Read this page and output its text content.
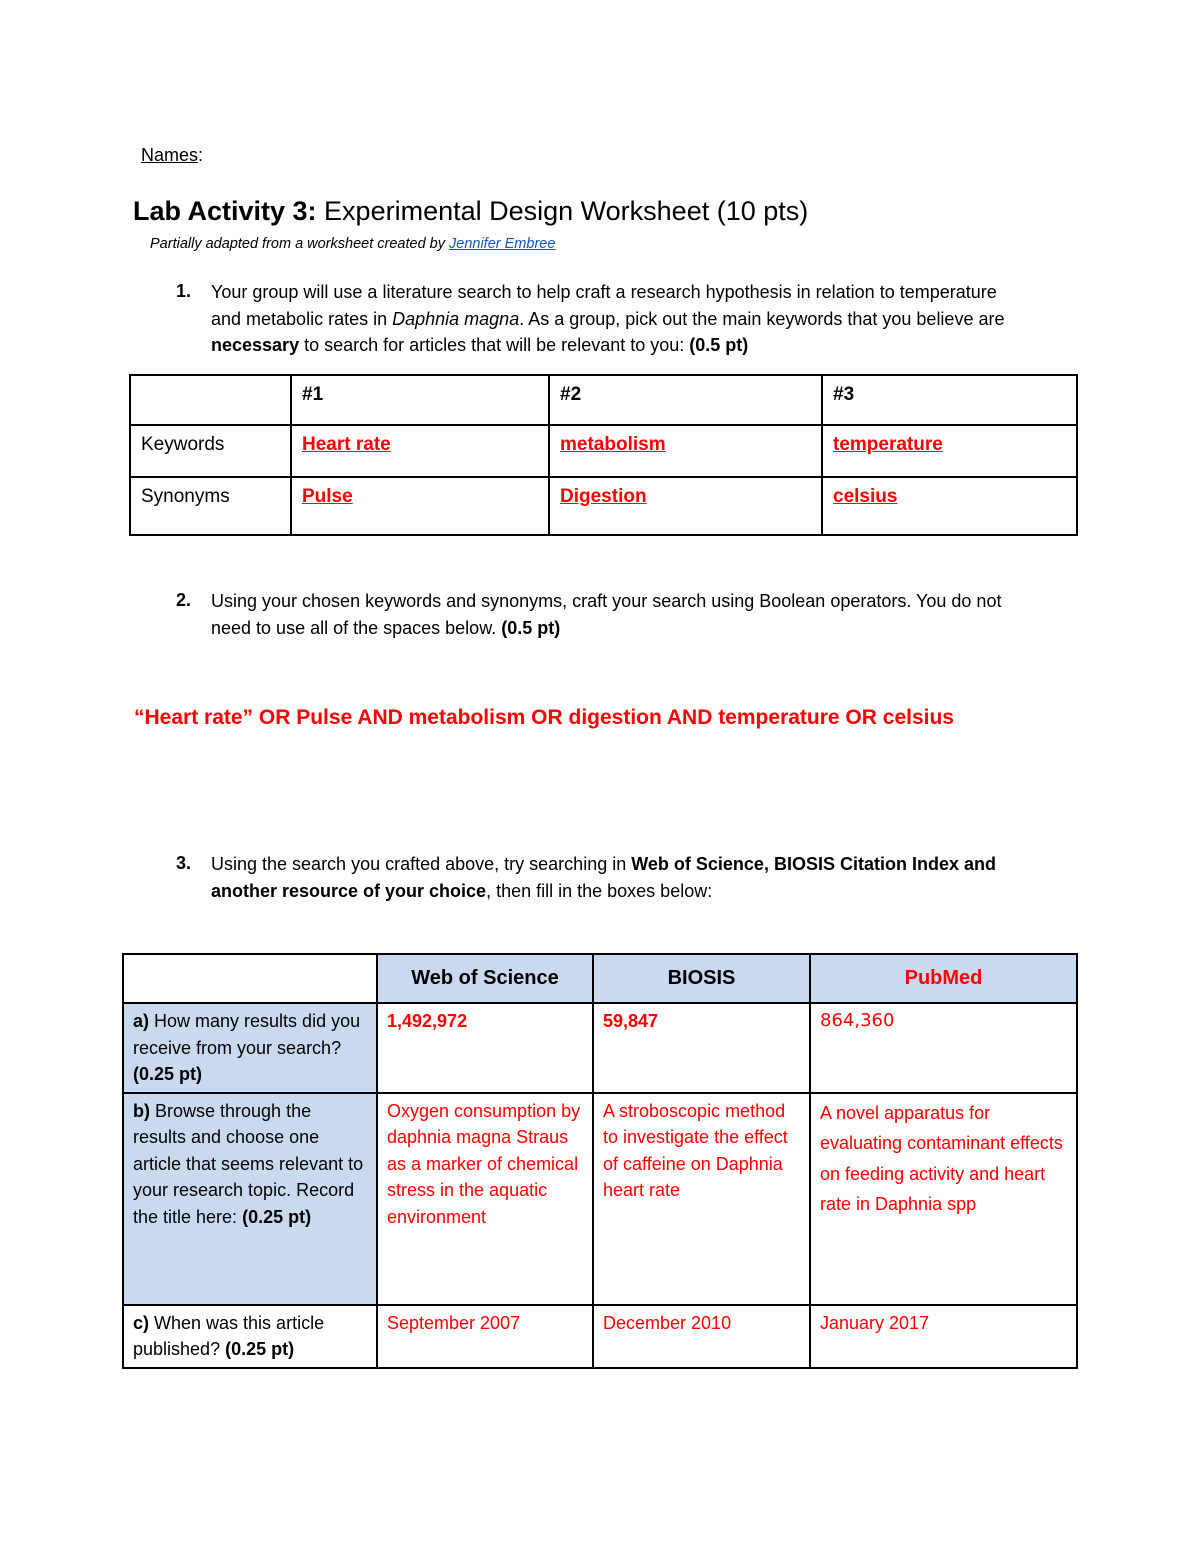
Names:
Lab Activity 3: Experimental Design Worksheet (10 pts)
Partially adapted from a worksheet created by Jennifer Embree
1. Your group will use a literature search to help craft a research hypothesis in relation to temperature and metabolic rates in Daphnia magna. As a group, pick out the main keywords that you believe are necessary to search for articles that will be relevant to you: (0.5 pt)
	#1	#2	#3
Keywords	Heart rate	metabolism	temperature
Synonyms	Pulse	Digestion	celsius
2. Using your chosen keywords and synonyms, craft your search using Boolean operators. You do not need to use all of the spaces below. (0.5 pt)
“Heart rate” OR Pulse AND metabolism OR digestion AND temperature OR celsius
3. Using the search you crafted above, try searching in Web of Science, BIOSIS Citation Index and another resource of your choice, then fill in the boxes below:
	Web of Science	BIOSIS	PubMed
a) How many results did you receive from your search? (0.25 pt)	1,492,972	59,847	864,360
b) Browse through the results and choose one article that seems relevant to your research topic. Record the title here: (0.25 pt)	Oxygen consumption by daphnia magna Straus as a marker of chemical stress in the aquatic environment	A stroboscopic method to investigate the effect of caffeine on Daphnia heart rate	A novel apparatus for evaluating contaminant effects on feeding activity and heart rate in Daphnia spp
c) When was this article published? (0.25 pt)	September 2007	December 2010	January 2017
